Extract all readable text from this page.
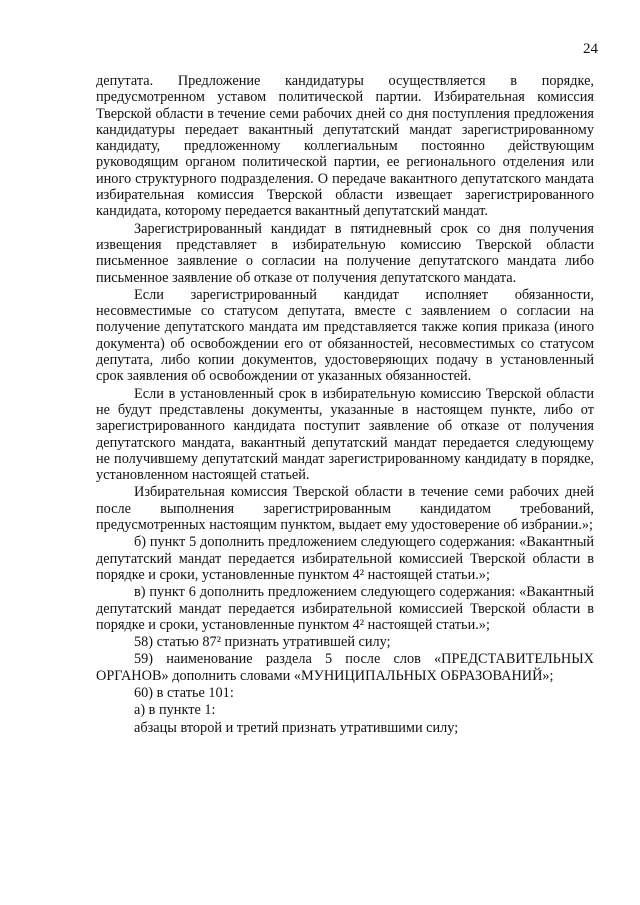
24

депутата. Предложение кандидатуры осуществляется в порядке, предусмотренном уставом политической партии. Избирательная комиссия Тверской области в течение семи рабочих дней со дня поступления предложения кандидатуры передает вакантный депутатский мандат зарегистрированному кандидату, предложенному коллегиальным постоянно действующим руководящим органом политической партии, ее регионального отделения или иного структурного подразделения. О передаче вакантного депутатского мандата избирательная комиссия Тверской области извещает зарегистрированного кандидата, которому передается вакантный депутатский мандат.

Зарегистрированный кандидат в пятидневный срок со дня получения извещения представляет в избирательную комиссию Тверской области письменное заявление о согласии на получение депутатского мандата либо письменное заявление об отказе от получения депутатского мандата.

Если зарегистрированный кандидат исполняет обязанности, несовместимые со статусом депутата, вместе с заявлением о согласии на получение депутатского мандата им представляется также копия приказа (иного документа) об освобождении его от обязанностей, несовместимых со статусом депутата, либо копии документов, удостоверяющих подачу в установленный срок заявления об освобождении от указанных обязанностей.

Если в установленный срок в избирательную комиссию Тверской области не будут представлены документы, указанные в настоящем пункте, либо от зарегистрированного кандидата поступит заявление об отказе от получения депутатского мандата, вакантный депутатский мандат передается следующему не получившему депутатский мандат зарегистрированному кандидату в порядке, установленном настоящей статьей.

Избирательная комиссия Тверской области в течение семи рабочих дней после выполнения зарегистрированным кандидатом требований, предусмотренных настоящим пунктом, выдает ему удостоверение об избрании.»;

б) пункт 5 дополнить предложением следующего содержания: «Вакантный депутатский мандат передается избирательной комиссией Тверской области в порядке и сроки, установленные пунктом 4² настоящей статьи.»;

в) пункт 6 дополнить предложением следующего содержания: «Вакантный депутатский мандат передается избирательной комиссией Тверской области в порядке и сроки, установленные пунктом 4² настоящей статьи.»;

58) статью 87² признать утратившей силу;

59) наименование раздела 5 после слов «ПРЕДСТАВИТЕЛЬНЫХ ОРГАНОВ» дополнить словами «МУНИЦИПАЛЬНЫХ ОБРАЗОВАНИЙ»;

60) в статье 101:

а) в пункте 1:

абзацы второй и третий признать утратившими силу;
